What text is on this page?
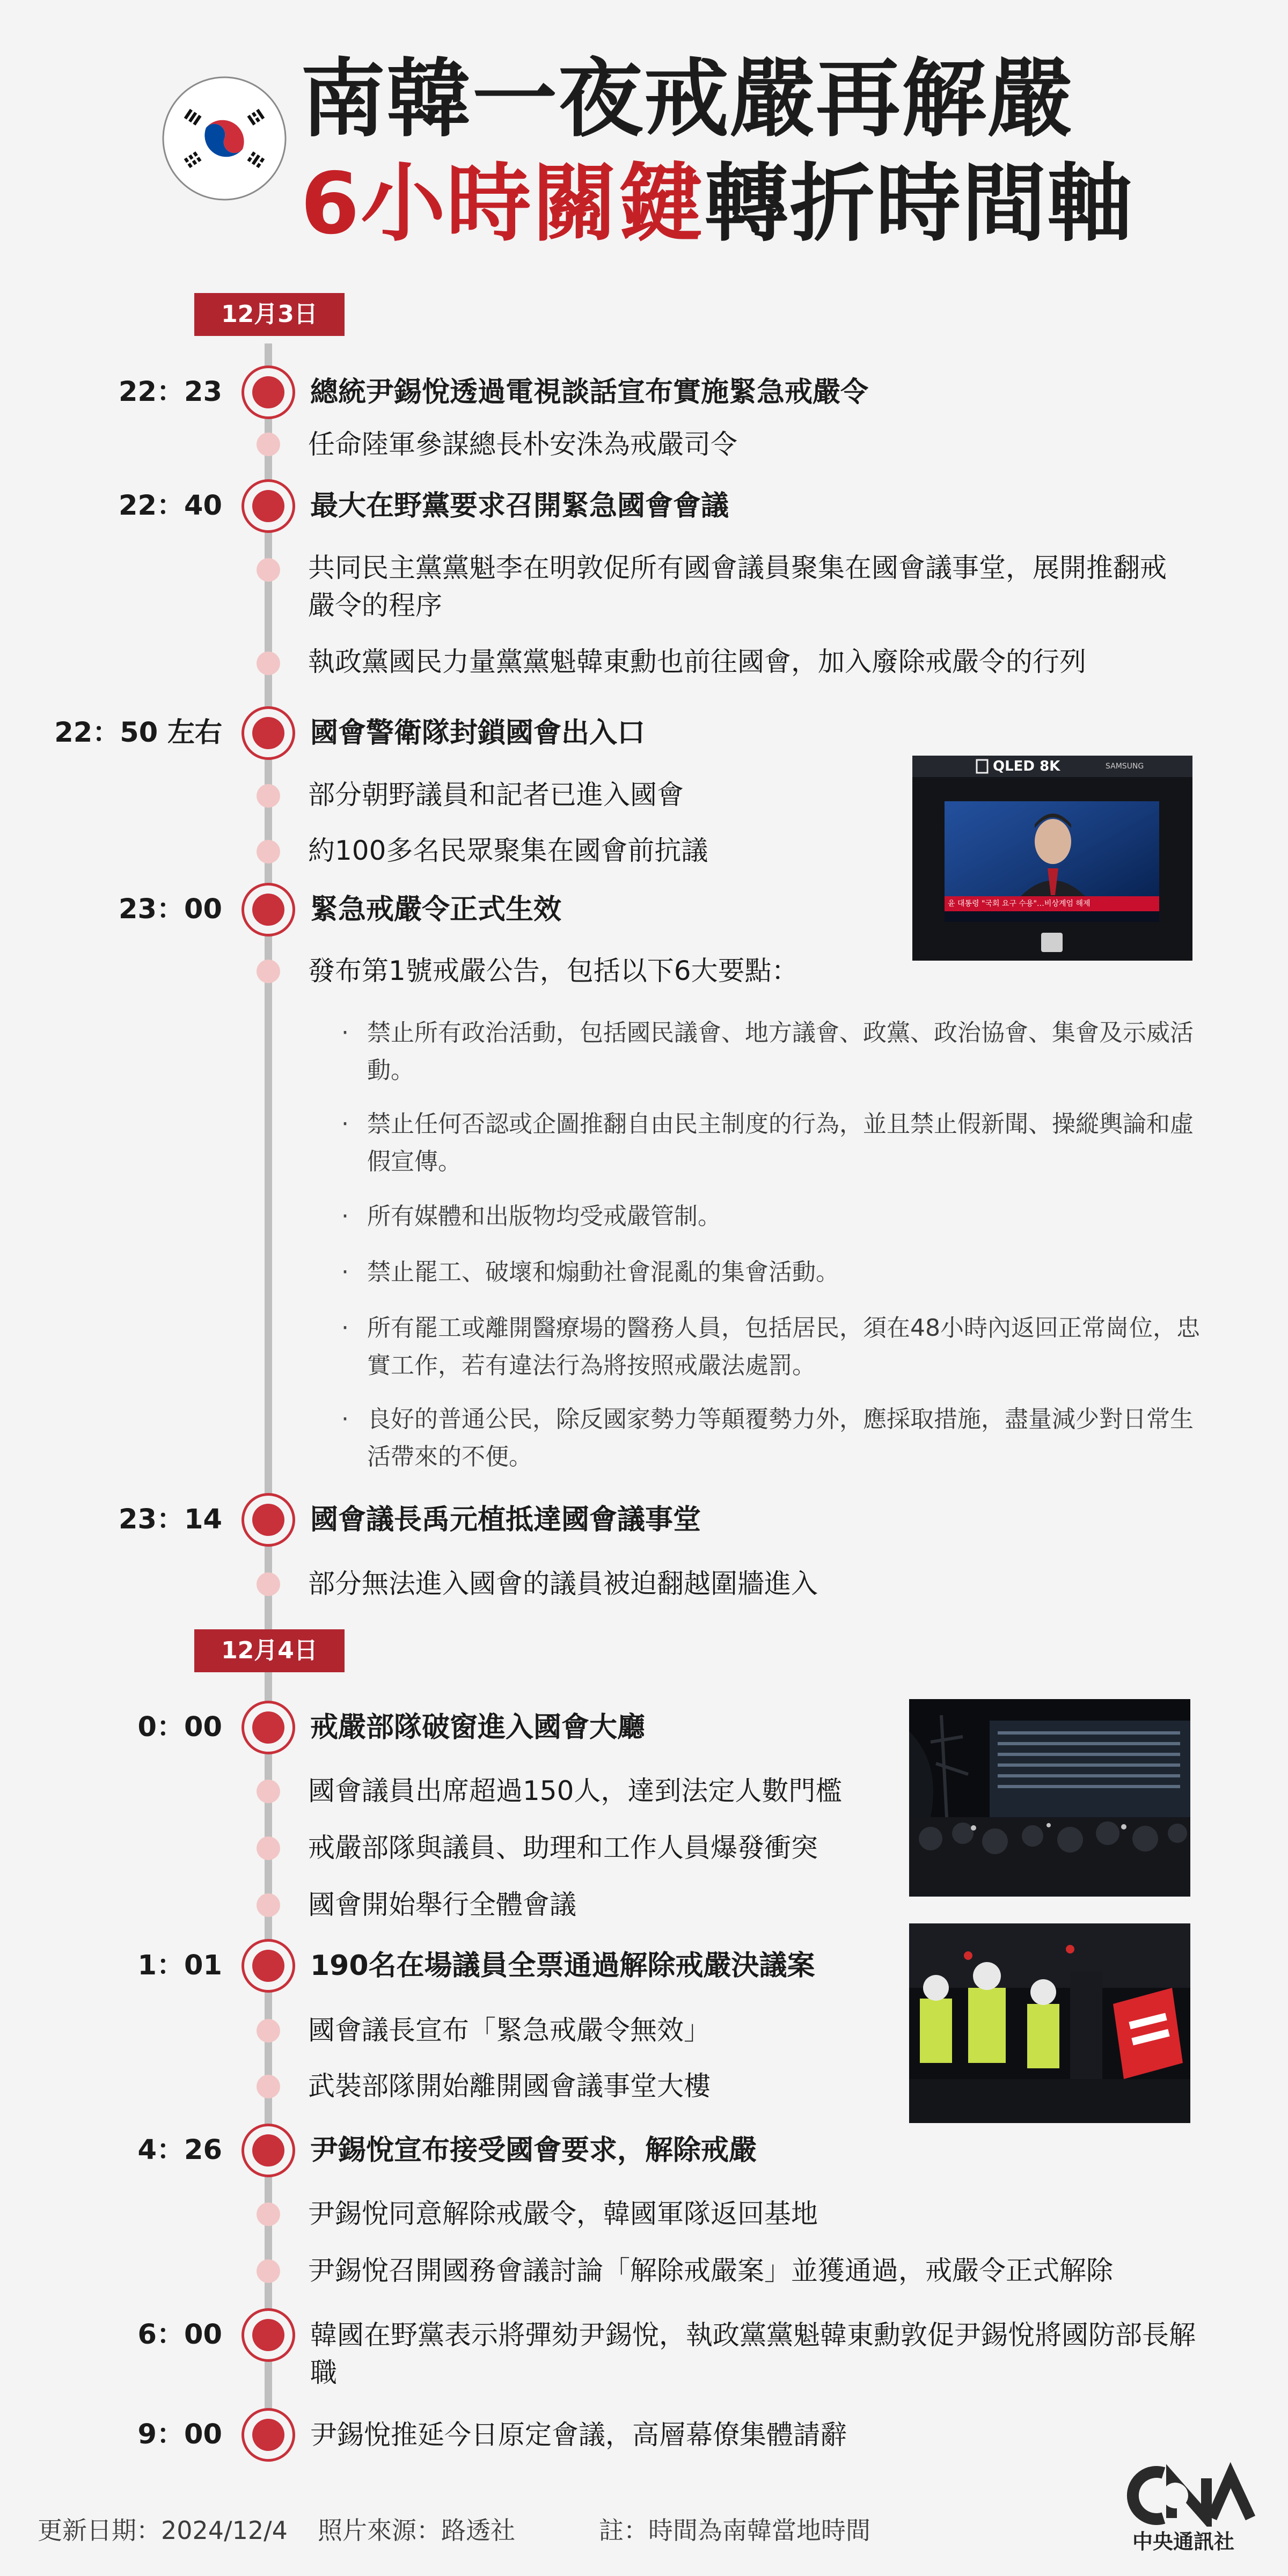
南韓一夜戒嚴再解嚴
6小時關鍵轉折時間軸
12月3日
12月4日
22：23	總統尹錫悅透過電視談話宣布實施緊急戒嚴令
任命陸軍參謀總長朴安洙為戒嚴司令
22：40	最大在野黨要求召開緊急國會會議
共同民主黨黨魁李在明敦促所有國會議員聚集在國會議事堂，展開推翻戒嚴令的程序
執政黨國民力量黨黨魁韓東勳也前往國會，加入廢除戒嚴令的行列
22：50 左右	國會警衛隊封鎖國會出入口
部分朝野議員和記者已進入國會
約100多名民眾聚集在國會前抗議
QLED 8K	SAMSUNG
윤 대통령 "국회 요구 수용"…비상계엄 해제
23：00	緊急戒嚴令正式生效
發布第1號戒嚴公告，包括以下6大要點：
· 禁止所有政治活動，包括國民議會、地方議會、政黨、政治協會、集會及示威活動。
· 禁止任何否認或企圖推翻自由民主制度的行為，並且禁止假新聞、操縱輿論和虛假宣傳。
· 所有媒體和出版物均受戒嚴管制。
· 禁止罷工、破壞和煽動社會混亂的集會活動。
· 所有罷工或離開醫療場的醫務人員，包括居民，須在48小時內返回正常崗位，忠實工作，若有違法行為將按照戒嚴法處罰。
· 良好的普通公民，除反國家勢力等顛覆勢力外，應採取措施，盡量減少對日常生活帶來的不便。
23：14	國會議長禹元植抵達國會議事堂
部分無法進入國會的議員被迫翻越圍牆進入
0：00	戒嚴部隊破窗進入國會大廳
國會議員出席超過150人，達到法定人數門檻
戒嚴部隊與議員、助理和工作人員爆發衝突
國會開始舉行全體會議
1：01	190名在場議員全票通過解除戒嚴決議案
國會議長宣布「緊急戒嚴令無效」
武裝部隊開始離開國會議事堂大樓
4：26	尹錫悅宣布接受國會要求，解除戒嚴
尹錫悅同意解除戒嚴令，韓國軍隊返回基地
尹錫悅召開國務會議討論「解除戒嚴案」並獲通過，戒嚴令正式解除
6：00	韓國在野黨表示將彈劾尹錫悅，執政黨黨魁韓東勳敦促尹錫悅將國防部長解職
9：00	尹錫悅推延今日原定會議，高層幕僚集體請辭
更新日期：2024/12/4 照片來源：路透社	註：時間為南韓當地時間	中央通訊社
